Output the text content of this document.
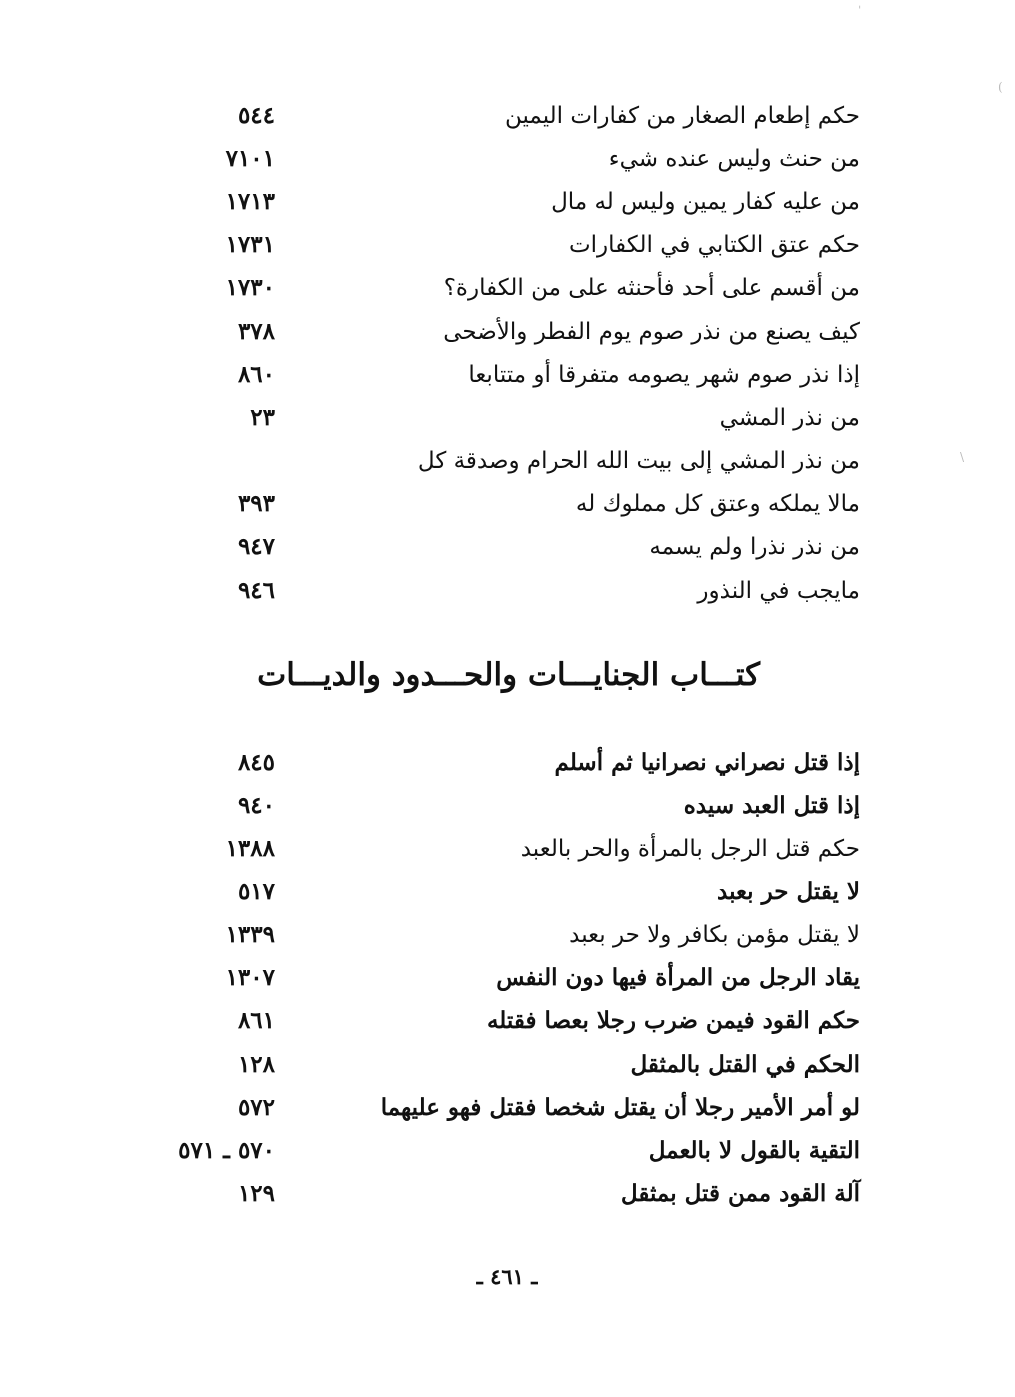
حكم إطعام الصغار من كفارات اليمين
٥٤٤
من حنث وليس عنده شيء
٧١٠١
من عليه كفار يمين وليس له مال
١٧١٣
حكم عتق الكتابي في الكفارات
١٧٣١
من أقسم على أحد فأحنثه على من الكفارة؟
١٧٣٠
كيف يصنع من نذر صوم يوم الفطر والأضحى
٣٧٨
إذا نذر صوم شهر يصومه متفرقا أو متتابعا
٨٦٠
من نذر المشي
٢٣
من نذر المشي إلى بيت الله الحرام وصدقة كل
مالا يملكه وعتق كل مملوك له
٣٩٣
من نذر نذرا ولم يسمه
٩٤٧
مايجب في النذور
٩٤٦
كتـــاب الجنايـــات والحـــدود والديـــات
إذا قتل نصراني نصرانيا ثم أسلم
٨٤٥
إذا قتل العبد سيده
٩٤٠
حكم قتل الرجل بالمرأة والحر بالعبد
١٣٨٨
لا يقتل حر بعبد
٥١٧
لا يقتل مؤمن بكافر ولا حر بعبد
١٣٣٩
يقاد الرجل من المرأة فيها دون النفس
١٣٠٧
حكم القود فيمن ضرب رجلا بعصا فقتله
٨٦١
الحكم في القتل بالمثقل
١٢٨
لو أمر الأمير رجلا أن يقتل شخصا فقتل فهو عليهما
٥٧٢
التقية بالقول لا بالعمل
٥٧٠ ـ ٥٧١
آلة القود ممن قتل بمثقل
١٢٩
ـ ٤٦١ ـ
ˈ
\
(
